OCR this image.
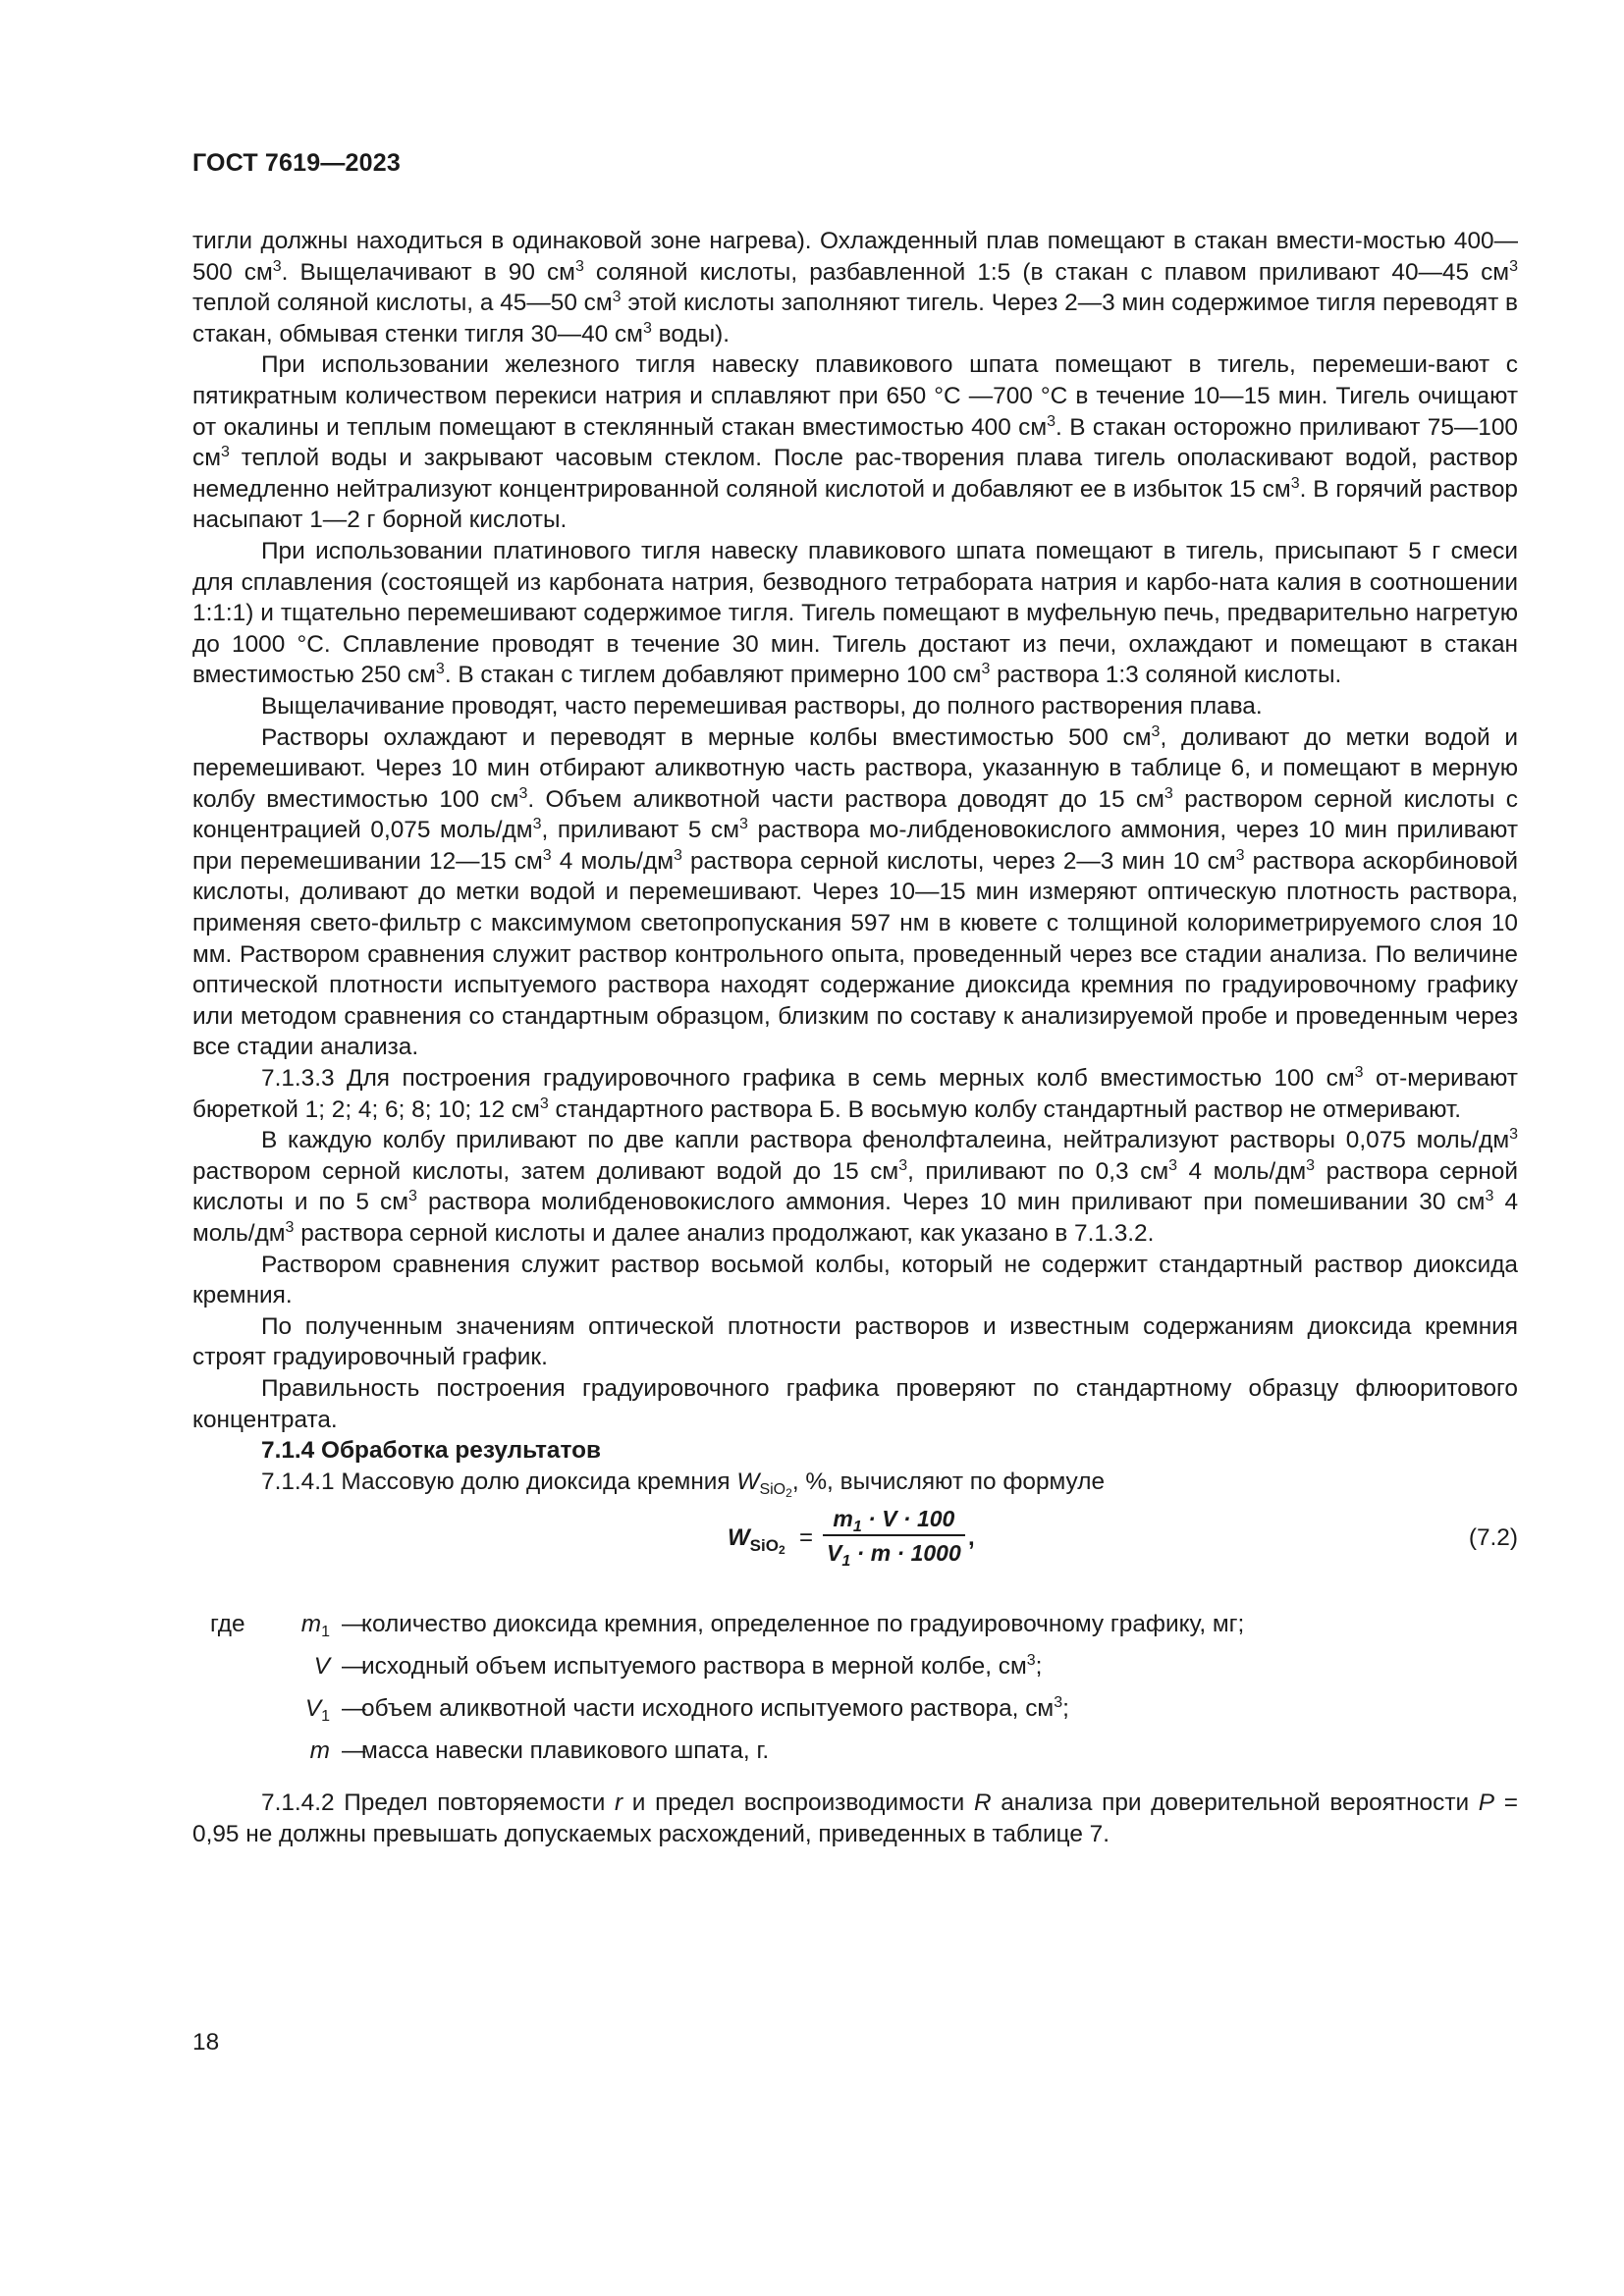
ГОСТ 7619—2023

тигли должны находиться в одинаковой зоне нагрева). Охлажденный плав помещают в стакан вмести-мостью 400—500 $см^3$. Выщелачивают в 90 $см^3$ соляной кислоты, разбавленной 1:5 (в стакан с плавом приливают 40—45 $см^3$ теплой соляной кислоты, а 45—50 $см^3$ этой кислоты заполняют тигель. Через 2—3 мин содержимое тигля переводят в стакан, обмывая стенки тигля 30—40 $см^3$ воды).

При использовании железного тигля навеску плавикового шпата помещают в тигель, перемеши-вают с пятикратным количеством перекиси натрия и сплавляют при 650 °С —700 °С в течение 10—15 мин. Тигель очищают от окалины и теплым помещают в стеклянный стакан вместимостью 400 $см^3$. В стакан осторожно приливают 75—100 $см^3$ теплой воды и закрывают часовым стеклом. После рас-творения плава тигель ополаскивают водой, раствор немедленно нейтрализуют концентрированной соляной кислотой и добавляют ее в избыток 15 $см^3$. В горячий раствор насыпают 1—2 г борной кислоты.

При использовании платинового тигля навеску плавикового шпата помещают в тигель, присыпают 5 г смеси для сплавления (состоящей из карбоната натрия, безводного тетрабората натрия и карбо-ната калия в соотношении 1:1:1) и тщательно перемешивают содержимое тигля. Тигель помещают в муфельную печь, предварительно нагретую до 1000 °С. Сплавление проводят в течение 30 мин. Тигель достают из печи, охлаждают и помещают в стакан вместимостью 250 $см^3$. В стакан с тиглем добавляют примерно 100 $см^3$ раствора 1:3 соляной кислоты.

Выщелачивание проводят, часто перемешивая растворы, до полного растворения плава.

Растворы охлаждают и переводят в мерные колбы вместимостью 500 $см^3$, доливают до метки водой и перемешивают. Через 10 мин отбирают аликвотную часть раствора, указанную в таблице 6, и помещают в мерную колбу вместимостью 100 $см^3$. Объем аликвотной части раствора доводят до 15 $см^3$ раствором серной кислоты с концентрацией 0,075 моль/$дм^3$, приливают 5 $см^3$ раствора мо-либденовокислого аммония, через 10 мин приливают при перемешивании 12—15 $см^3$ 4 моль/$дм^3$ раствора серной кислоты, через 2—3 мин 10 $см^3$ раствора аскорбиновой кислоты, доливают до метки водой и перемешивают. Через 10—15 мин измеряют оптическую плотность раствора, применяя свето-фильтр с максимумом светопропускания 597 нм в кювете с толщиной колориметрируемого слоя 10 мм. Раствором сравнения служит раствор контрольного опыта, проведенный через все стадии анализа. По величине оптической плотности испытуемого раствора находят содержание диоксида кремния по градуировочному графику или методом сравнения со стандартным образцом, близким по составу к анализируемой пробе и проведенным через все стадии анализа.

7.1.3.3 Для построения градуировочного графика в семь мерных колб вместимостью 100 $см^3$ от-меривают бюреткой 1; 2; 4; 6; 8; 10; 12 $см^3$ стандартного раствора Б. В восьмую колбу стандартный раствор не отмеривают.

В каждую колбу приливают по две капли раствора фенолфталеина, нейтрализуют растворы 0,075 моль/$дм^3$ раствором серной кислоты, затем доливают водой до 15 $см^3$, приливают по 0,3 $см^3$ 4 моль/$дм^3$ раствора серной кислоты и по 5 $см^3$ раствора молибденовокислого аммония. Через 10 мин приливают при помешивании 30 $см^3$ 4 моль/$дм^3$ раствора серной кислоты и далее анализ продолжают, как указано в 7.1.3.2.

Раствором сравнения служит раствор восьмой колбы, который не содержит стандартный раствор диоксида кремния.

По полученным значениям оптической плотности растворов и известным содержаниям диоксида кремния строят градуировочный график.

Правильность построения градуировочного графика проверяют по стандартному образцу флюоритового концентрата.

7.1.4 Обработка результатов

7.1.4.1 Массовую долю диоксида кремния $W_{SiO_2}$, %, вычисляют по формуле

$W_{SiO2} = \frac{m_1 \cdot V \cdot 100}{V_1 \cdot m \cdot 1000}$ ,	(7.2)
где $m_1$ —
количество диоксида кремния, определенное по градуировочному графику, мг;
V —
исходный объем испытуемого раствора в мерной колбе, $см^3$;
$V_1$ —
объем аликвотной части исходного испытуемого раствора, $см^3$;
m —
масса навески плавикового шпата, г.

7.1.4.2 Предел повторяемости r и предел воспроизводимости R анализа при доверительной вероятности P = 0,95 не должны превышать допускаемых расхождений, приведенных в таблице 7.

18
